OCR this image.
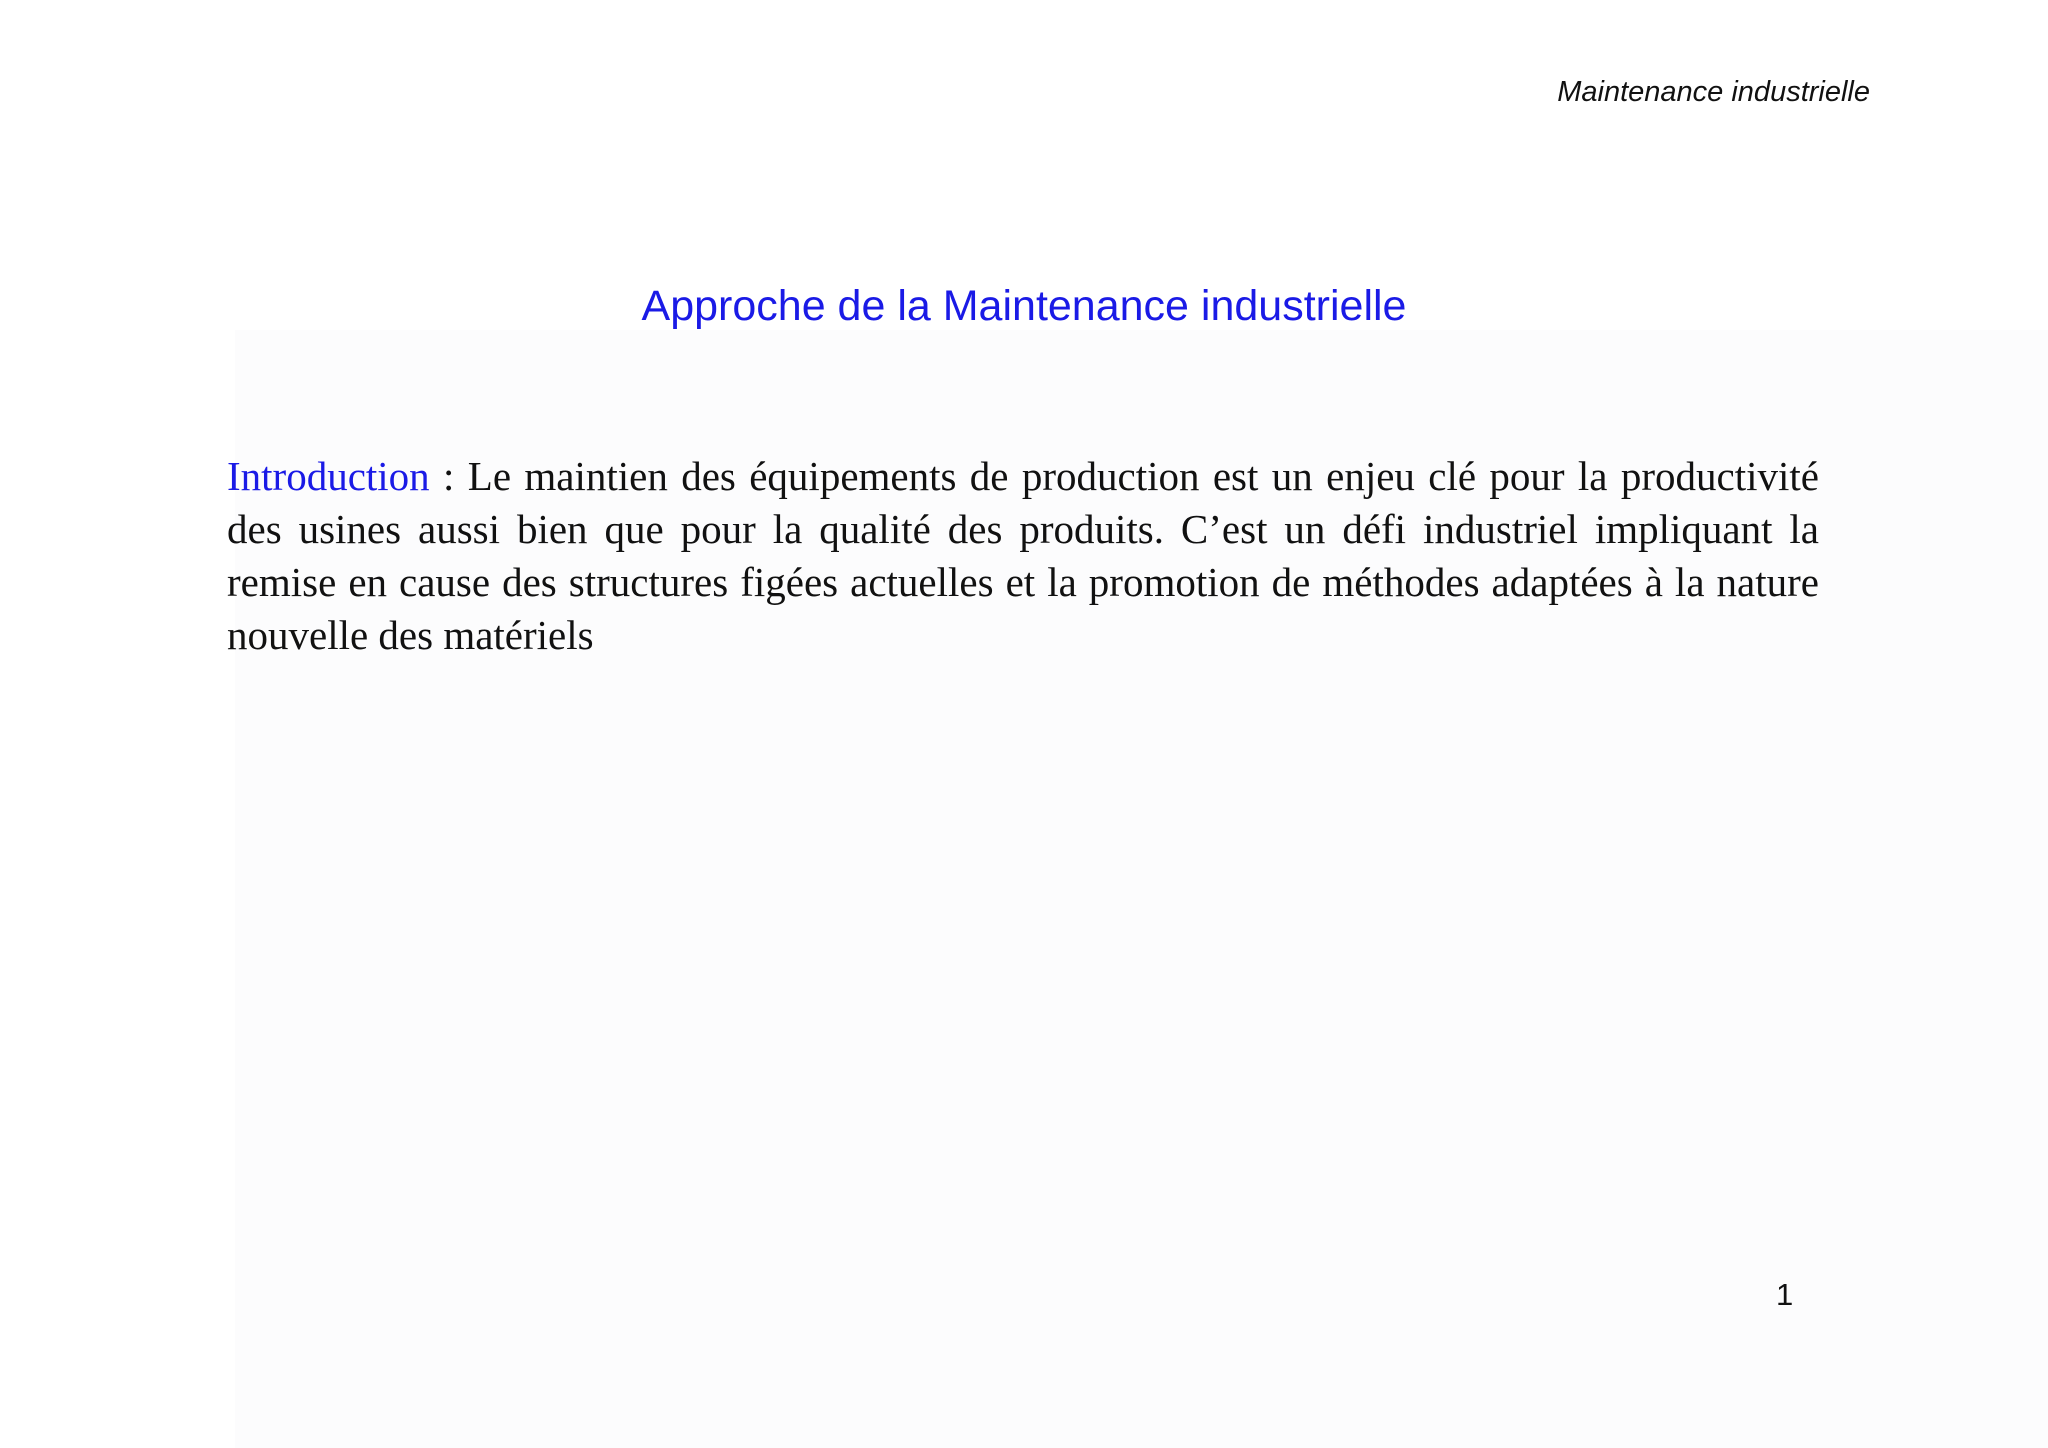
Maintenance industrielle
Approche de la Maintenance industrielle

Introduction : Le maintien des équipements de production est un enjeu clé pour la productivité des usines aussi bien que pour la qualité des produits. C’est un défi industriel impliquant la remise en cause des structures figées actuelles et la promotion de méthodes adaptées à la nature nouvelle des matériels

1
